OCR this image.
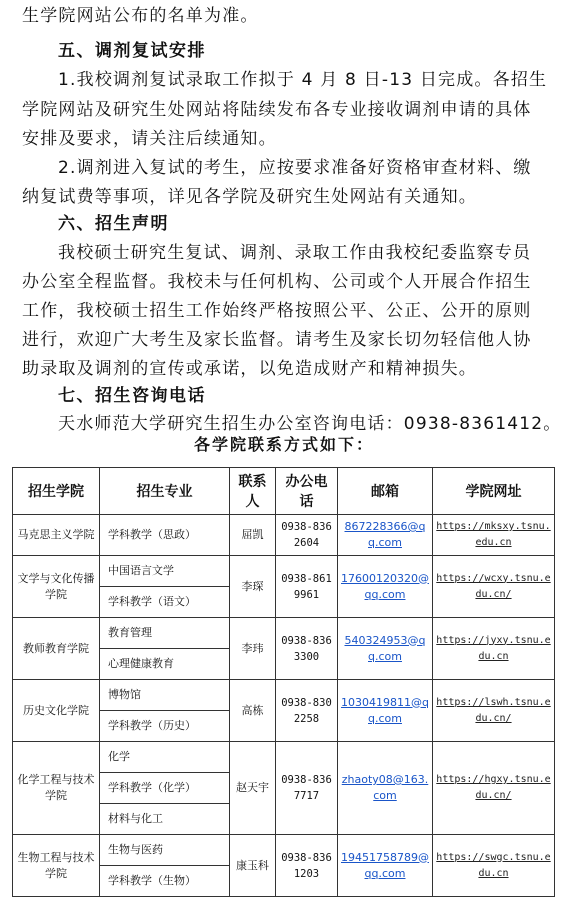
生学院网站公布的名单为准。
五、调剂复试安排
1.我校调剂复试录取工作拟于 4 月 8 日-13 日完成。各招生
学院网站及研究生处网站将陆续发布各专业接收调剂申请的具体
安排及要求，请关注后续通知。
2.调剂进入复试的考生，应按要求准备好资格审查材料、缴
纳复试费等事项，详见各学院及研究生处网站有关通知。
六、招生声明
我校硕士研究生复试、调剂、录取工作由我校纪委监察专员
办公室全程监督。我校未与任何机构、公司或个人开展合作招生
工作，我校硕士招生工作始终严格按照公平、公正、公开的原则
进行，欢迎广大考生及家长监督。请考生及家长切勿轻信他人协
助录取及调剂的宣传或承诺，以免造成财产和精神损失。
七、招生咨询电话
天水师范大学研究生招生办公室咨询电话：0938-8361412。
各学院联系方式如下：
招生学院	招生专业	联系人	办公电话	邮箱	学院网址
马克思主义学院	学科教学（思政）	屈凯	0938-8362604	867228366@qq.com	https://mksxy.tsnu.edu.cn
文学与文化传播学院	中国语言文学	李琛	0938-8619961	17600120320@qq.com	https://wcxy.tsnu.edu.cn/
	学科教学（语文）				
教师教育学院	教育管理	李玮	0938-8363300	540324953@qq.com	https://jyxy.tsnu.edu.cn
	心理健康教育				
历史文化学院	博物馆	高栋	0938-8302258	1030419811@qq.com	https://lswh.tsnu.edu.cn/
	学科教学（历史）				
化学工程与技术学院	化学	赵天宇	0938-8367717	zhaoty08@163.com	https://hgxy.tsnu.edu.cn/
	学科教学（化学）				
	材料与化工				
生物工程与技术学院	生物与医药	康玉科	0938-8361203	19451758789@qq.com	https://swgc.tsnu.edu.cn
	学科教学（生物）				
